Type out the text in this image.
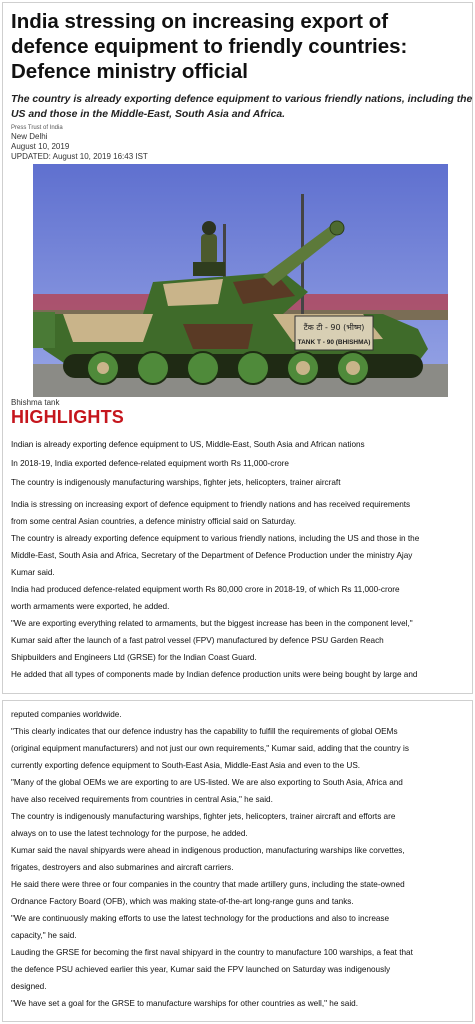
India stressing on increasing export of
defence equipment to friendly countries:
Defence ministry official
The country is already exporting defence equipment to various friendly nations, including the
US and those in the Middle-East, South Asia and Africa.
Press Trust of India
New Delhi
August 10, 2019
UPDATED: August 10, 2019 16:43 IST
टैंक टी - 90 (भीष्म)
TANK T - 90 (BHISHMA)
Bhishma tank
HIGHLIGHTS
Indian is already exporting defence equipment to US, Middle-East, South Asia and African nations
In 2018-19, India exported defence-related equipment worth Rs 11,000-crore
The country is indigenously manufacturing warships, fighter jets, helicopters, trainer aircraft

India is stressing on increasing export of defence equipment to friendly nations and has received requirements

from some central Asian countries, a defence ministry official said on Saturday.

The country is already exporting defence equipment to various friendly nations, including the US and those in the

Middle-East, South Asia and Africa, Secretary of the Department of Defence Production under the ministry Ajay

Kumar said.

India had produced defence-related equipment worth Rs 80,000 crore in 2018-19, of which Rs 11,000-crore

worth armaments were exported, he added.

"We are exporting everything related to armaments, but the biggest increase has been in the component level,"

Kumar said after the launch of a fast patrol vessel (FPV) manufactured by defence PSU Garden Reach

Shipbuilders and Engineers Ltd (GRSE) for the Indian Coast Guard.

He added that all types of components made by Indian defence production units were being bought by large and

reputed companies worldwide.

"This clearly indicates that our defence industry has the capability to fulfill the requirements of global OEMs

(original equipment manufacturers) and not just our own requirements," Kumar said, adding that the country is

currently exporting defence equipment to South-East Asia, Middle-East Asia and even to the US.

"Many of the global OEMs we are exporting to are US-listed. We are also exporting to South Asia, Africa and

have also received requirements from countries in central Asia," he said.

The country is indigenously manufacturing warships, fighter jets, helicopters, trainer aircraft and efforts are

always on to use the latest technology for the purpose, he added.

Kumar said the naval shipyards were ahead in indigenous production, manufacturing warships like corvettes,

frigates, destroyers and also submarines and aircraft carriers.

He said there were three or four companies in the country that made artillery guns, including the state-owned

Ordnance Factory Board (OFB), which was making state-of-the-art long-range guns and tanks.

"We are continuously making efforts to use the latest technology for the productions and also to increase

capacity," he said.

Lauding the GRSE for becoming the first naval shipyard in the country to manufacture 100 warships, a feat that

the defence PSU achieved earlier this year, Kumar said the FPV launched on Saturday was indigenously

designed.

"We have set a goal for the GRSE to manufacture warships for other countries as well," he said.
